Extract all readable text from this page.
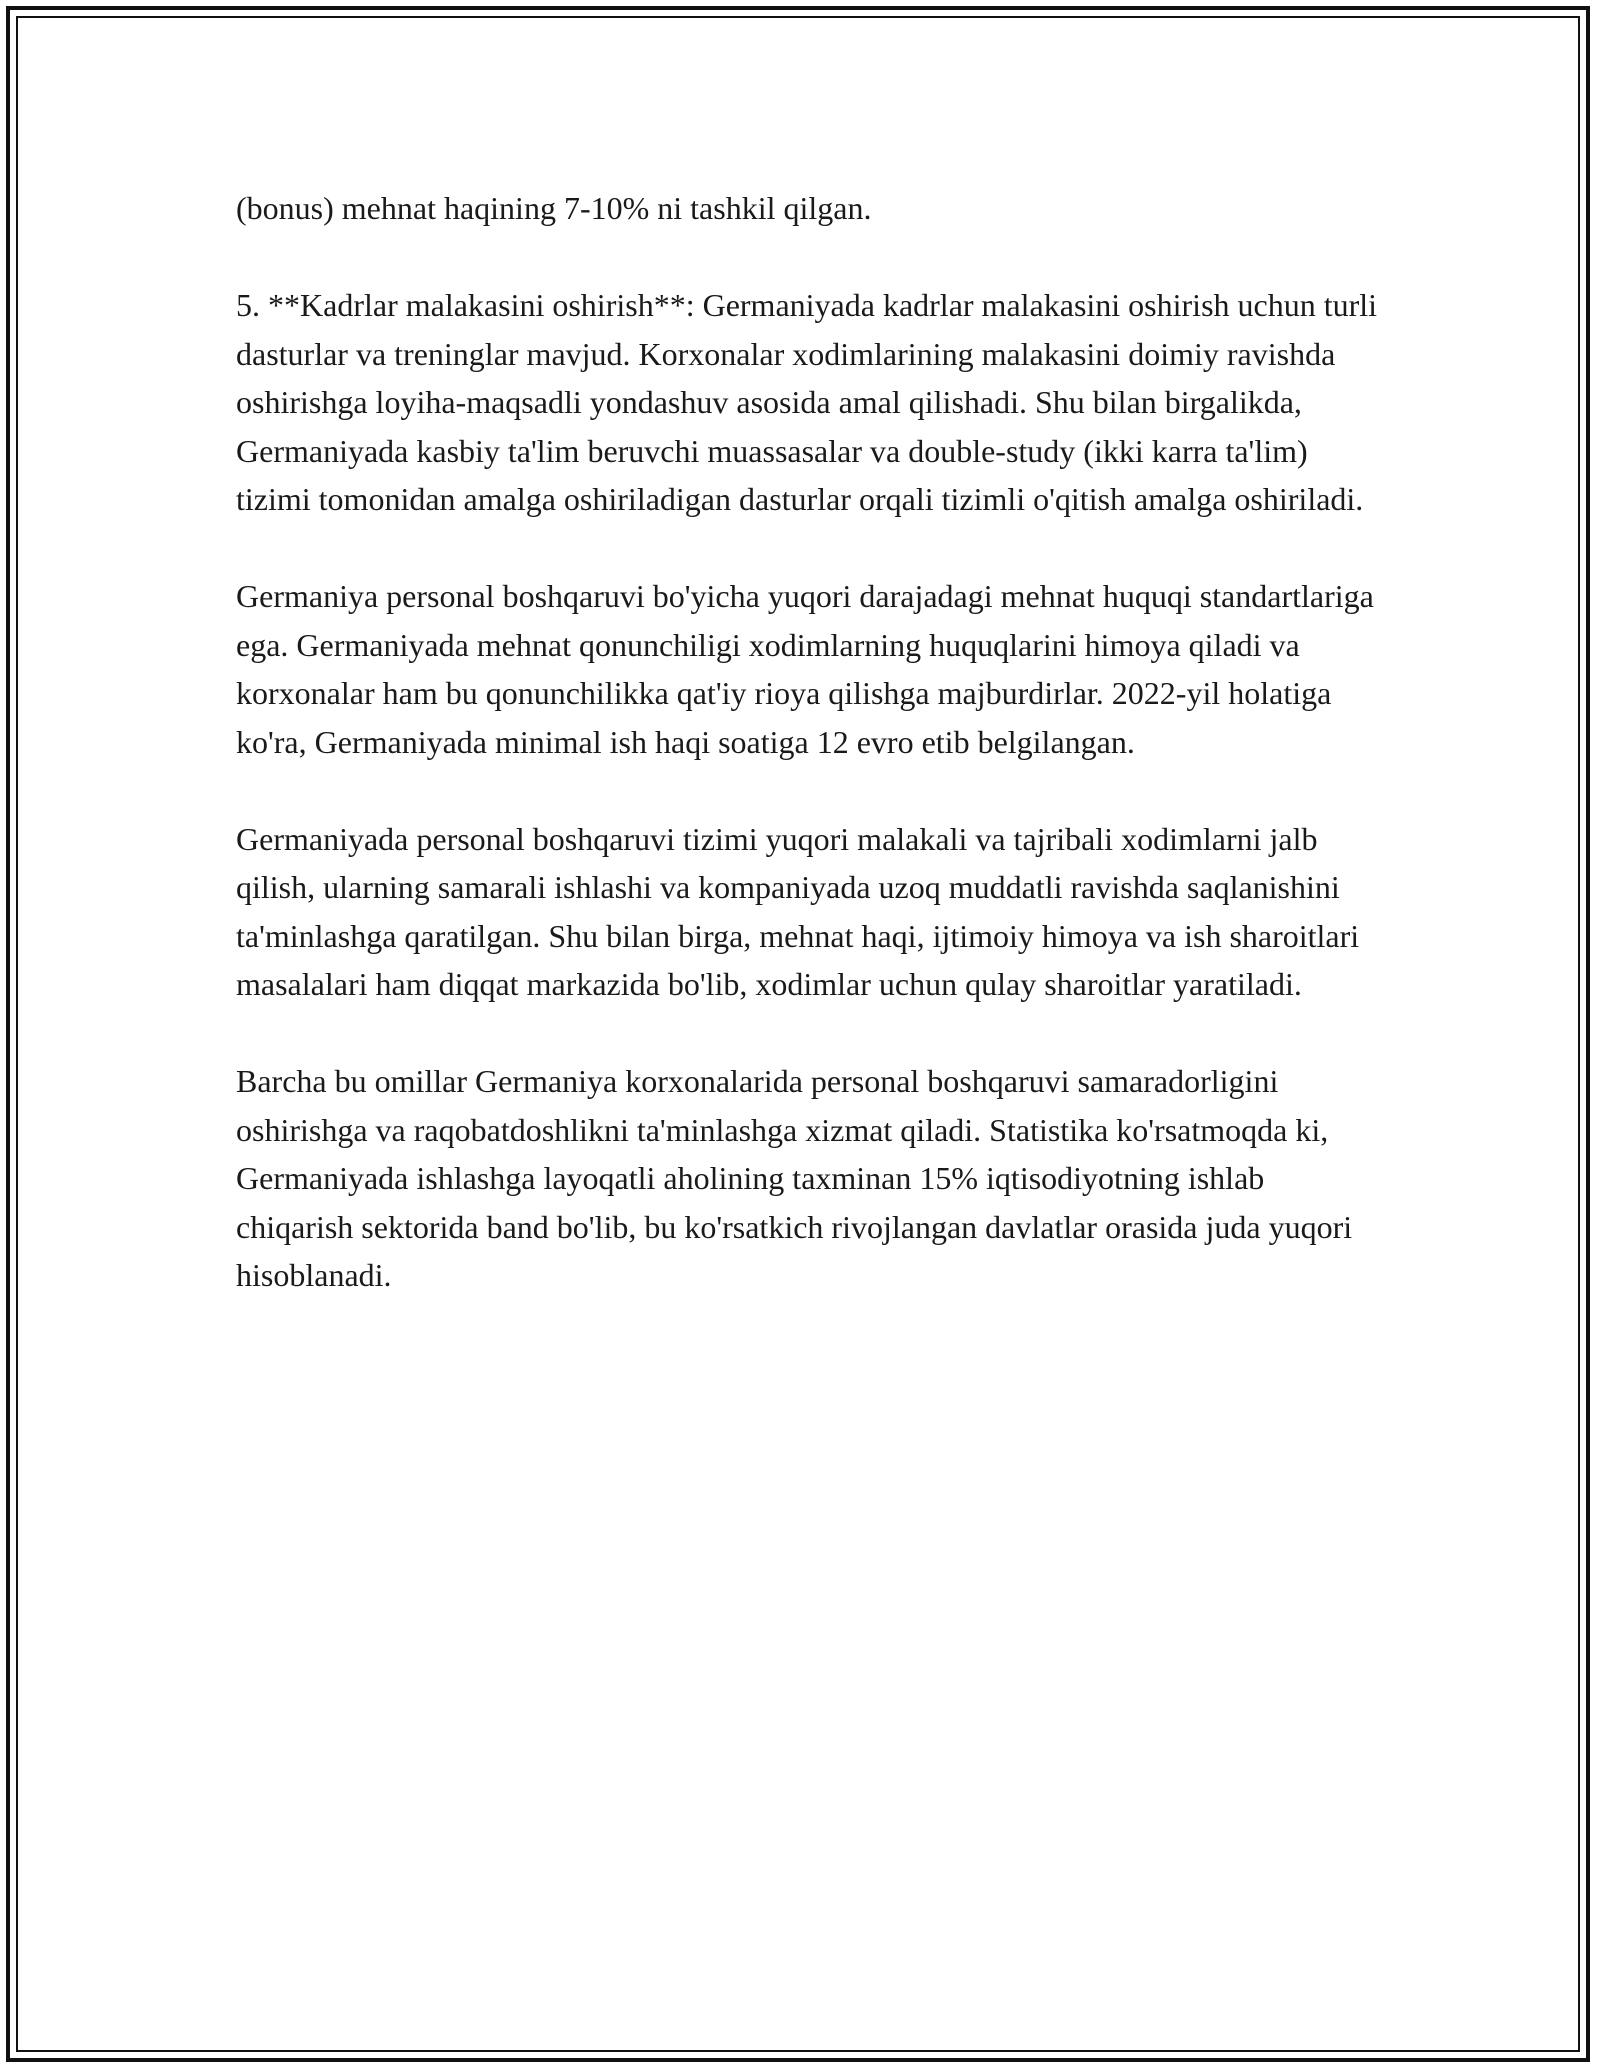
(bonus) mehnat haqining 7-10% ni tashkil qilgan.

5. **Kadrlar malakasini oshirish**: Germaniyada kadrlar malakasini oshirish uchun turli dasturlar va treninglar mavjud. Korxonalar xodimlarining malakasini doimiy ravishda oshirishga loyiha-maqsadli yondashuv asosida amal qilishadi. Shu bilan birgalikda, Germaniyada kasbiy ta'lim beruvchi muassasalar va double-study (ikki karra ta'lim) tizimi tomonidan amalga oshiriladigan dasturlar orqali tizimli o'qitish amalga oshiriladi.

Germaniya personal boshqaruvi bo'yicha yuqori darajadagi mehnat huquqi standartlariga ega. Germaniyada mehnat qonunchiligi xodimlarning huquqlarini himoya qiladi va korxonalar ham bu qonunchilikka qat'iy rioya qilishga majburdirlar. 2022-yil holatiga ko'ra, Germaniyada minimal ish haqi soatiga 12 evro etib belgilangan.

Germaniyada personal boshqaruvi tizimi yuqori malakali va tajribali xodimlarni jalb qilish, ularning samarali ishlashi va kompaniyada uzoq muddatli ravishda saqlanishini ta'minlashga qaratilgan. Shu bilan birga, mehnat haqi, ijtimoiy himoya va ish sharoitlari masalalari ham diqqat markazida bo'lib, xodimlar uchun qulay sharoitlar yaratiladi.

Barcha bu omillar Germaniya korxonalarida personal boshqaruvi samaradorligini oshirishga va raqobatdoshlikni ta'minlashga xizmat qiladi. Statistika ko'rsatmoqda ki, Germaniyada ishlashga layoqatli aholining taxminan 15% iqtisodiyotning ishlab chiqarish sektorida band bo'lib, bu ko'rsatkich rivojlangan davlatlar orasida juda yuqori hisoblanadi.
